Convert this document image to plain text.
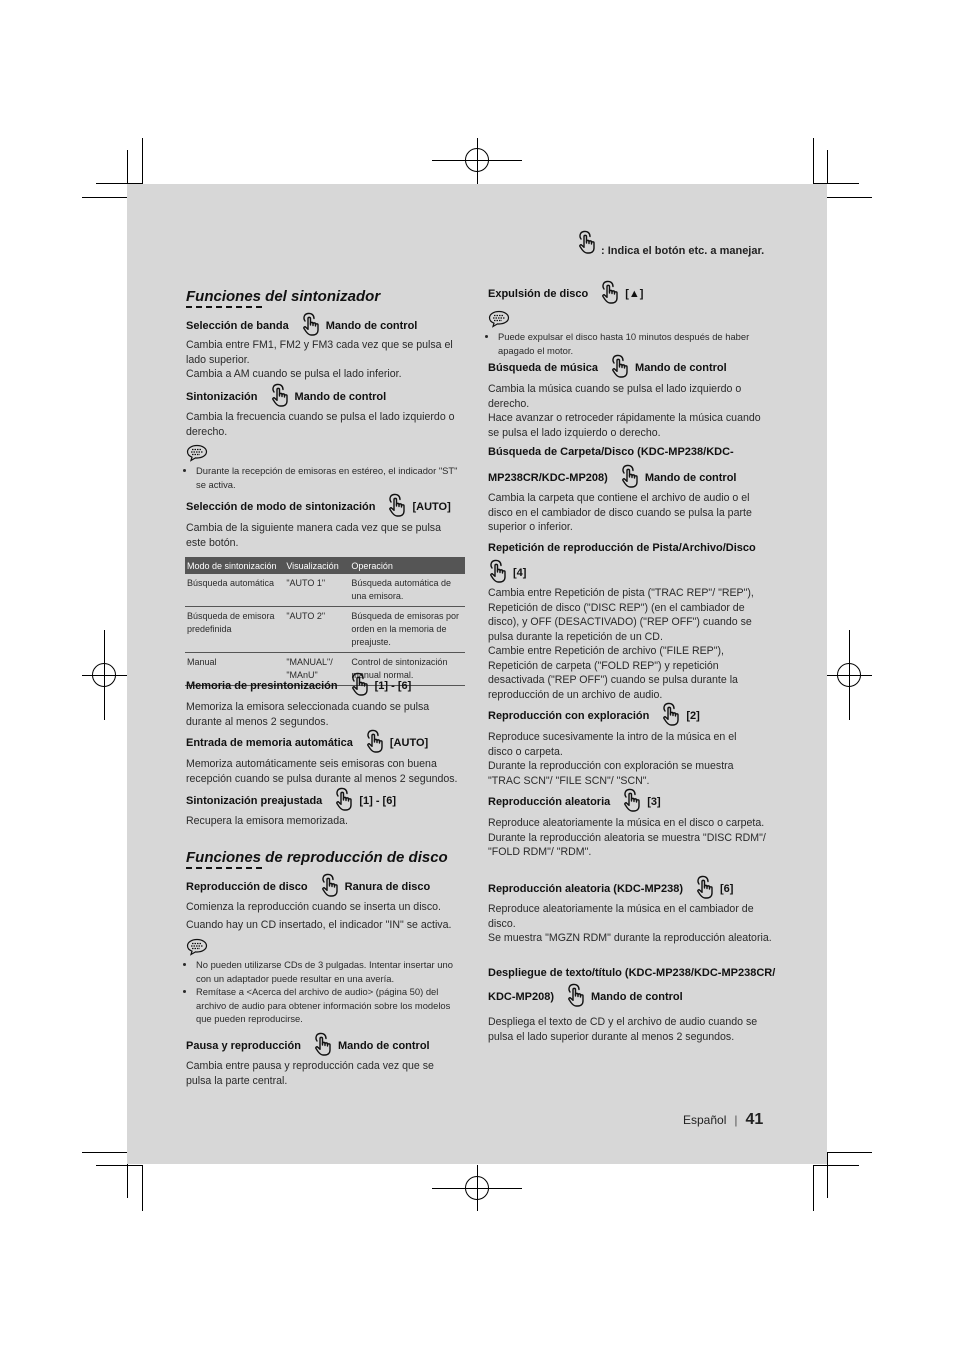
: Indica el botón etc. a manejar.
Funciones del sintonizador
Selección de banda	Mando de control
Cambia entre FM1, FM2 y FM3 cada vez que se pulsa el lado superior.
Cambia a AM cuando se pulsa el lado inferior.
Sintonización	Mando de control
Cambia la frecuencia cuando se pulsa el lado izquierdo o derecho.
• Durante la recepción de emisoras en estéreo, el indicador "ST" se activa.
Selección de modo de sintonización	[AUTO]
Cambia de la siguiente manera cada vez que se pulsa este botón.
Modo de sintonización	Visualización	Operación
Búsqueda automática	"AUTO 1"	Búsqueda automática de una emisora.
Búsqueda de emisora predefinida	"AUTO 2"	Búsqueda de emisoras por orden en la memoria de preajuste.
Manual	"MANUAL"/ "MAnU"	Control de sintonización manual normal.
Memoria de presintonización	[1] - [6]
Memoriza la emisora seleccionada cuando se pulsa durante al menos 2 segundos.
Entrada de memoria automática	[AUTO]
Memoriza automáticamente seis emisoras con buena recepción cuando se pulsa durante al menos 2 segundos.
Sintonización preajustada	[1] - [6]
Recupera la emisora memorizada.
Funciones de reproducción de disco
Reproducción de disco	Ranura de disco
Comienza la reproducción cuando se inserta un disco.
Cuando hay un CD insertado, el indicador "IN" se activa.
• No pueden utilizarse CDs de 3 pulgadas. Intentar insertar uno con un adaptador puede resultar en una avería.
• Remítase a <Acerca del archivo de audio> (página 50) del archivo de audio para obtener información sobre los modelos que pueden reproducirse.
Pausa y reproducción	Mando de control
Cambia entre pausa y reproducción cada vez que se pulsa la parte central.
Expulsión de disco	[▲]
• Puede expulsar el disco hasta 10 minutos después de haber apagado el motor.
Búsqueda de música	Mando de control
Cambia la música cuando se pulsa el lado izquierdo o derecho.
Hace avanzar o retroceder rápidamente la música cuando se pulsa el lado izquierdo o derecho.
Búsqueda de Carpeta/Disco (KDC-MP238/KDC-
MP238CR/KDC-MP208)	Mando de control
Cambia la carpeta que contiene el archivo de audio o el disco en el cambiador de disco cuando se pulsa la parte superior o inferior.
Repetición de reproducción de Pista/Archivo/Disco
[4]
Cambia entre Repetición de pista ("TRAC REP"/ "REP"), Repetición de disco ("DISC REP") (en el cambiador de disco), y OFF (DESACTIVADO) ("REP OFF") cuando se pulsa durante la repetición de un CD.
Cambie entre Repetición de archivo ("FILE REP"), Repetición de carpeta ("FOLD REP") y repetición desactivada ("REP OFF") cuando se pulsa durante la reproducción de un archivo de audio.
Reproducción con exploración	[2]
Reproduce sucesivamente la intro de la música en el disco o carpeta.
Durante la reproducción con exploración se muestra "TRAC SCN"/ "FILE SCN"/ "SCN".
Reproducción aleatoria	[3]
Reproduce aleatoriamente la música en el disco o carpeta.
Durante la reproducción aleatoria se muestra "DISC RDM"/ "FOLD RDM"/ "RDM".
Reproducción aleatoria (KDC-MP238)	[6]
Reproduce aleatoriamente la música en el cambiador de disco.
Se muestra "MGZN RDM" durante la reproducción aleatoria.
Despliegue de texto/título (KDC-MP238/KDC-MP238CR/
KDC-MP208)	Mando de control
Despliega el texto de CD y el archivo de audio cuando se pulsa el lado superior durante al menos 2 segundos.
Español | 41
